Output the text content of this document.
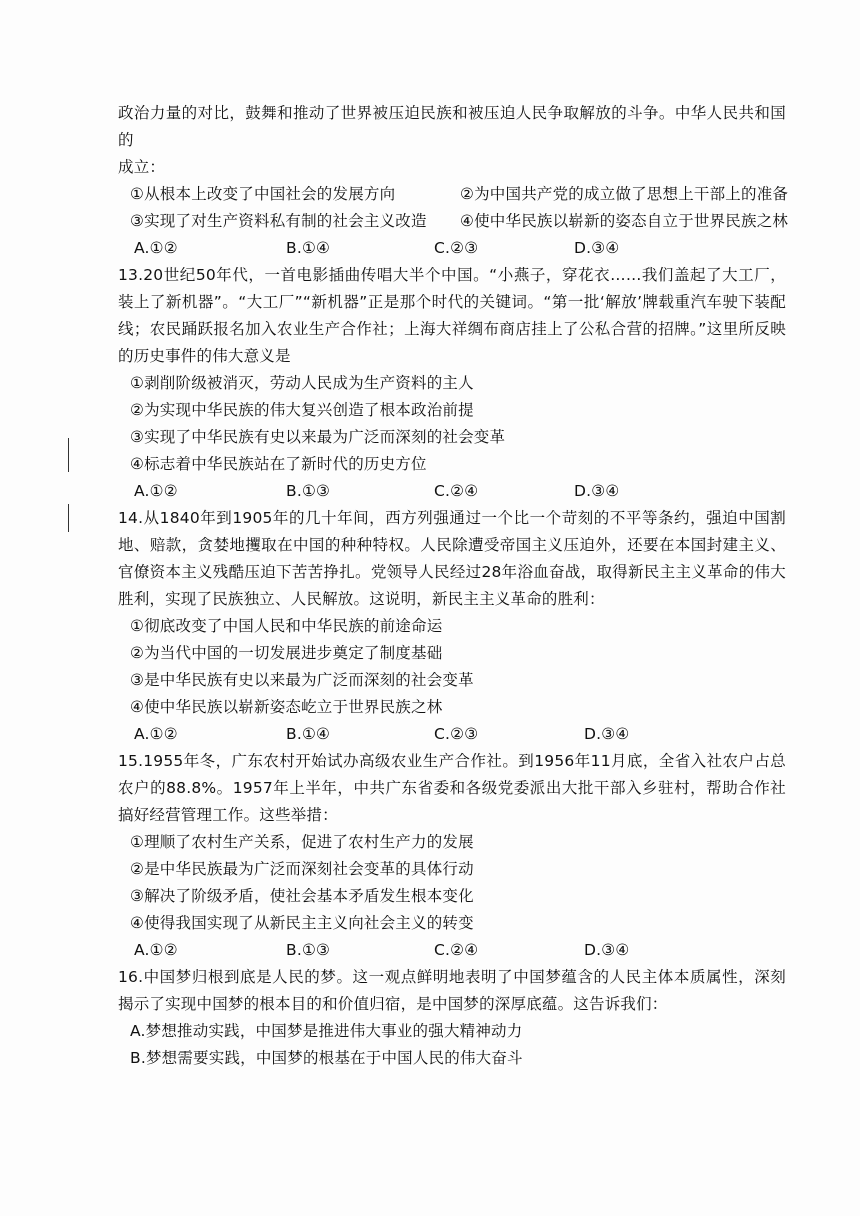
政治力量的对比，鼓舞和推动了世界被压迫民族和被压迫人民争取解放的斗争。中华人民共和国的

成立：

①从根本上改变了中国社会的发展方向	②为中国共产党的成立做了思想上干部上的准备
③实现了对生产资料私有制的社会主义改造	④使中华民族以崭新的姿态自立于世界民族之林
A.①②	B.①④	C.②③	D.③④

13.20世纪50年代，一首电影插曲传唱大半个中国。“小燕子，穿花衣……我们盖起了大工厂，装上了新机器”。“大工厂”“新机器”正是那个时代的关键词。“第一批‘解放’牌载重汽车驶下装配线；农民踊跃报名加入农业生产合作社；上海大祥绸布商店挂上了公私合营的招牌。”这里所反映的历史事件的伟大意义是

①剥削阶级被消灭，劳动人民成为生产资料的主人

②为实现中华民族的伟大复兴创造了根本政治前提

③实现了中华民族有史以来最为广泛而深刻的社会变革

④标志着中华民族站在了新时代的历史方位

A.①②	B.①③	C.②④	D.③④

14.从1840年到1905年的几十年间，西方列强通过一个比一个苛刻的不平等条约，强迫中国割地、赔款，贪婪地攫取在中国的种种特权。人民除遭受帝国主义压迫外，还要在本国封建主义、官僚资本主义残酷压迫下苦苦挣扎。党领导人民经过28年浴血奋战，取得新民主主义革命的伟大胜利，实现了民族独立、人民解放。这说明，新民主主义革命的胜利：

①彻底改变了中国人民和中华民族的前途命运

②为当代中国的一切发展进步奠定了制度基础

③是中华民族有史以来最为广泛而深刻的社会变革

④使中华民族以崭新姿态屹立于世界民族之林

A.①②	B.①④	C.②③	D.③④

15.1955年冬，广东农村开始试办高级农业生产合作社。到1956年11月底，全省入社农户占总农户的88.8%。1957年上半年，中共广东省委和各级党委派出大批干部入乡驻村，帮助合作社搞好经营管理工作。这些举措：

①理顺了农村生产关系，促进了农村生产力的发展

②是中华民族最为广泛而深刻社会变革的具体行动

③解决了阶级矛盾，使社会基本矛盾发生根本变化

④使得我国实现了从新民主主义向社会主义的转变

A.①②	B.①③	C.②④	D.③④

16.中国梦归根到底是人民的梦。这一观点鲜明地表明了中国梦蕴含的人民主体本质属性，深刻揭示了实现中国梦的根本目的和价值归宿，是中国梦的深厚底蕴。这告诉我们：

A.梦想推动实践，中国梦是推进伟大事业的强大精神动力

B.梦想需要实践，中国梦的根基在于中国人民的伟大奋斗
